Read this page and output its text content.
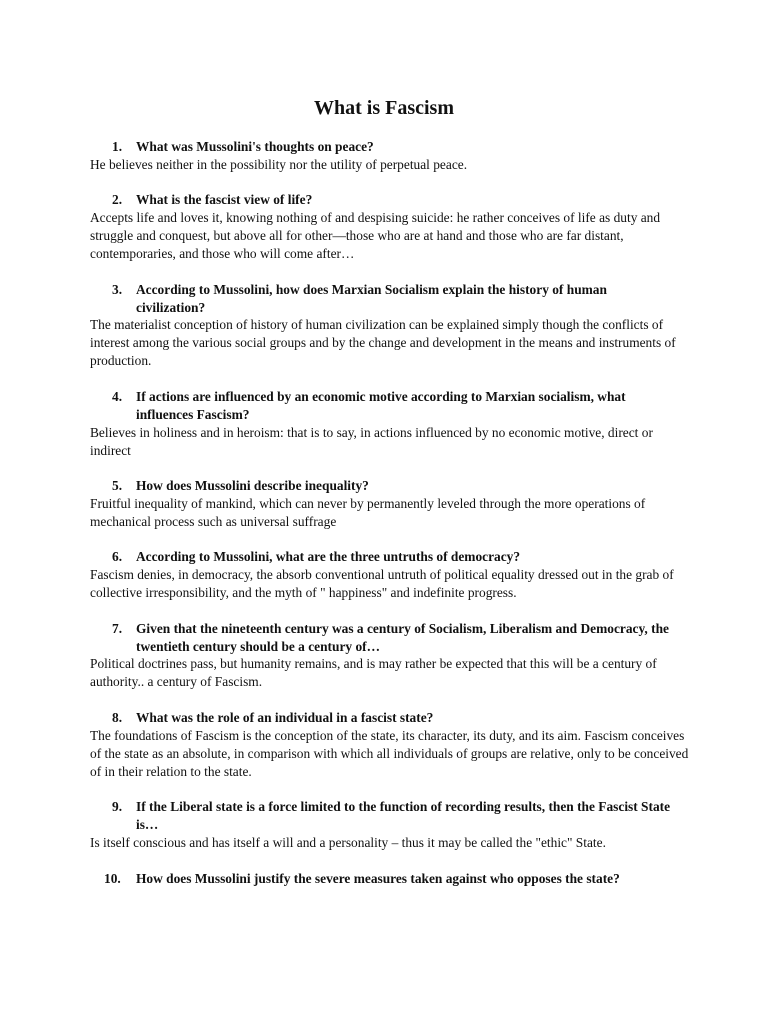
What is Fascism
1. What was Mussolini's thoughts on peace?
He believes neither in the possibility nor the utility of perpetual peace.
2. What is the fascist view of life?
Accepts life and loves it, knowing nothing of and despising suicide: he rather conceives of life as duty and struggle and conquest, but above all for other—those who are at hand and those who are far distant, contemporaries, and those who will come after…
3. According to Mussolini, how does Marxian Socialism explain the history of human civilization?
The materialist conception of history of human civilization can be explained simply though the conflicts of interest among the various social groups and by the change and development in the means and instruments of production.
4. If actions are influenced by an economic motive according to Marxian socialism, what influences Fascism?
Believes in holiness and in heroism: that is to say, in actions influenced by no economic motive, direct or indirect
5. How does Mussolini describe inequality?
Fruitful inequality of mankind, which can never by permanently leveled through the more operations of mechanical process such as universal suffrage
6. According to Mussolini, what are the three untruths of democracy?
Fascism denies, in democracy, the absorb conventional untruth of political equality dressed out in the grab of collective irresponsibility, and the myth of " happiness" and indefinite progress.
7. Given that the nineteenth century was a century of Socialism, Liberalism and Democracy, the twentieth century should be a century of…
Political doctrines pass, but humanity remains, and is may rather be expected that this will be a century of authority.. a century of Fascism.
8. What was the role of an individual in a fascist state?
The foundations of Fascism is the conception of the state, its character, its duty, and its aim. Fascism conceives of the state as an absolute, in comparison with which all individuals of groups are relative, only to be conceived of in their relation to the state.
9. If the Liberal state is a force limited to the function of recording results, then the Fascist State is…
Is itself conscious and has itself a will and a personality – thus it may be called the "ethic" State.
10. How does Mussolini justify the severe measures taken against who opposes the state?
